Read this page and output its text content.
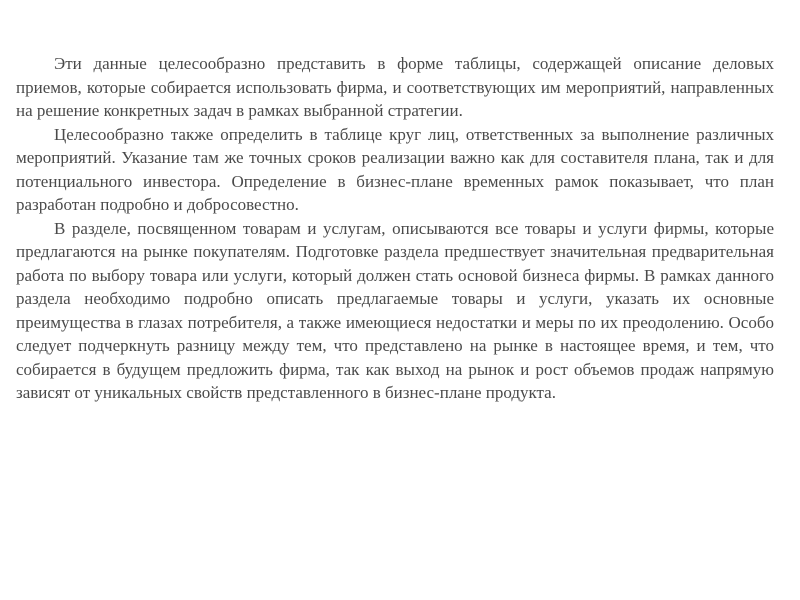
Эти данные целесообразно представить в форме таблицы, содержащей описание деловых приемов, которые собирается использовать фирма, и соответствующих им мероприятий, направленных на решение конкретных задач в рамках выбранной стратегии.

Целесообразно также определить в таблице круг лиц, ответственных за выполнение различных мероприятий. Указание там же точных сроков реализации важно как для составителя плана, так и для потенциального инвестора. Определение в бизнес-плане временных рамок показывает, что план разработан подробно и добросовестно.

В разделе, посвященном товарам и услугам, описываются все товары и услуги фирмы, которые предлагаются на рынке покупателям. Подготовке раздела предшествует значительная предварительная работа по выбору товара или услуги, который должен стать основой бизнеса фирмы. В рамках данного раздела необходимо подробно описать предлагаемые товары и услуги, указать их основные преимущества в глазах потребителя, а также имеющиеся недостатки и меры по их преодолению. Особо следует подчеркнуть разницу между тем, что представлено на рынке в настоящее время, и тем, что собирается в будущем предложить фирма, так как выход на рынок и рост объемов продаж напрямую зависят от уникальных свойств представленного в бизнес-плане продукта.
